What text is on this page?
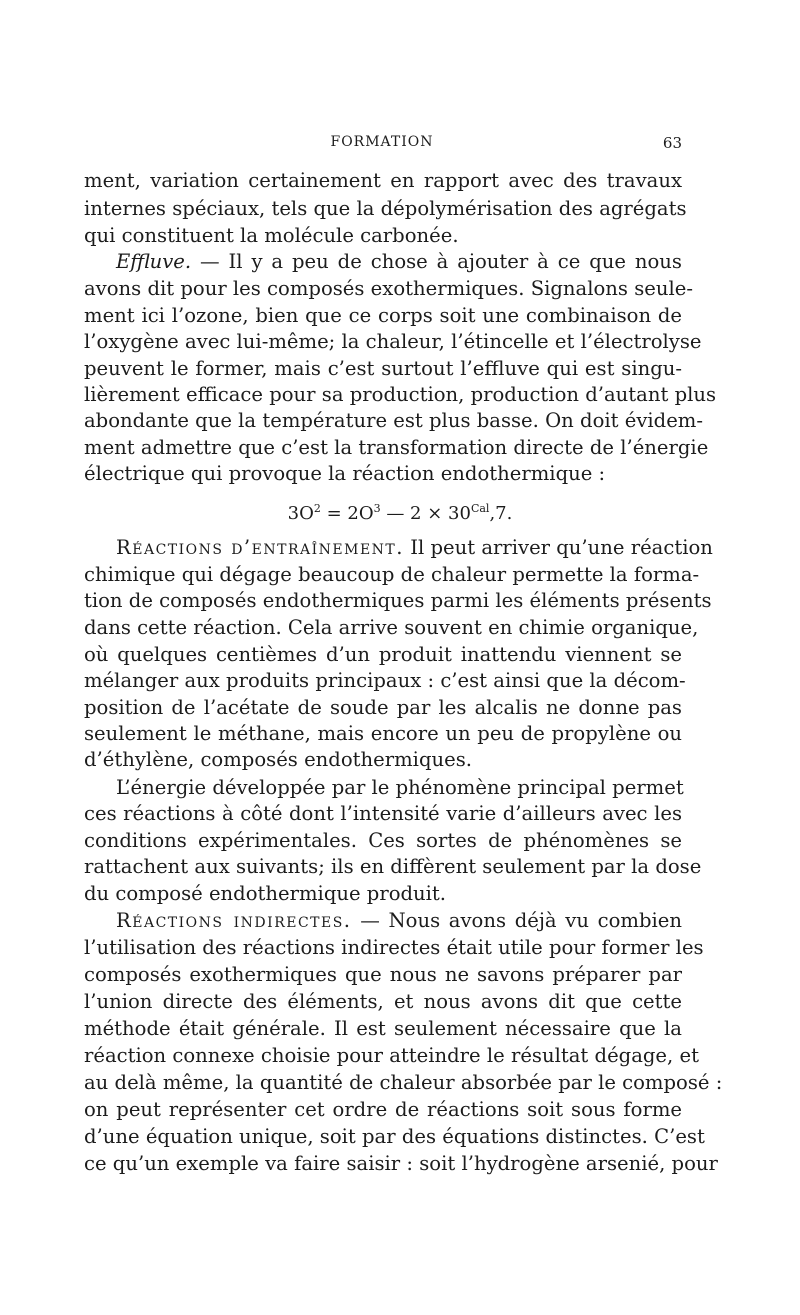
FORMATION	63
ment, variation certainement en rapport avec des travaux
internes spéciaux, tels que la dépolymérisation des agrégats
qui constituent la molécule carbonée.
Effluve. — Il y a peu de chose à ajouter à ce que nous
avons dit pour les composés exothermiques. Signalons seule-
ment ici l’ozone, bien que ce corps soit une combinaison de
l’oxygène avec lui-même; la chaleur, l’étincelle et l’électrolyse
peuvent le former, mais c’est surtout l’effluve qui est singu-
lièrement efficace pour sa production, production d’autant plus
abondante que la température est plus basse. On doit évidem-
ment admettre que c’est la transformation directe de l’énergie
électrique qui provoque la réaction endothermique :
$3O^2 = 2O^3$ — $2 \times 30^{Cal},7$.
Réactions d’entraînement. Il peut arriver qu’une réaction
chimique qui dégage beaucoup de chaleur permette la forma-
tion de composés endothermiques parmi les éléments présents
dans cette réaction. Cela arrive souvent en chimie organique,
où quelques centièmes d’un produit inattendu viennent se
mélanger aux produits principaux : c’est ainsi que la décom-
position de l’acétate de soude par les alcalis ne donne pas
seulement le méthane, mais encore un peu de propylène ou
d’éthylène, composés endothermiques.
L’énergie développée par le phénomène principal permet
ces réactions à côté dont l’intensité varie d’ailleurs avec les
conditions expérimentales. Ces sortes de phénomènes se
rattachent aux suivants; ils en diffèrent seulement par la dose
du composé endothermique produit.
Réactions indirectes. — Nous avons déjà vu combien
l’utilisation des réactions indirectes était utile pour former les
composés exothermiques que nous ne savons préparer par
l’union directe des éléments, et nous avons dit que cette
méthode était générale. Il est seulement nécessaire que la
réaction connexe choisie pour atteindre le résultat dégage, et
au delà même, la quantité de chaleur absorbée par le composé :
on peut représenter cet ordre de réactions soit sous forme
d’une équation unique, soit par des équations distinctes. C’est
ce qu’un exemple va faire saisir : soit l’hydrogène arsenié, pour
